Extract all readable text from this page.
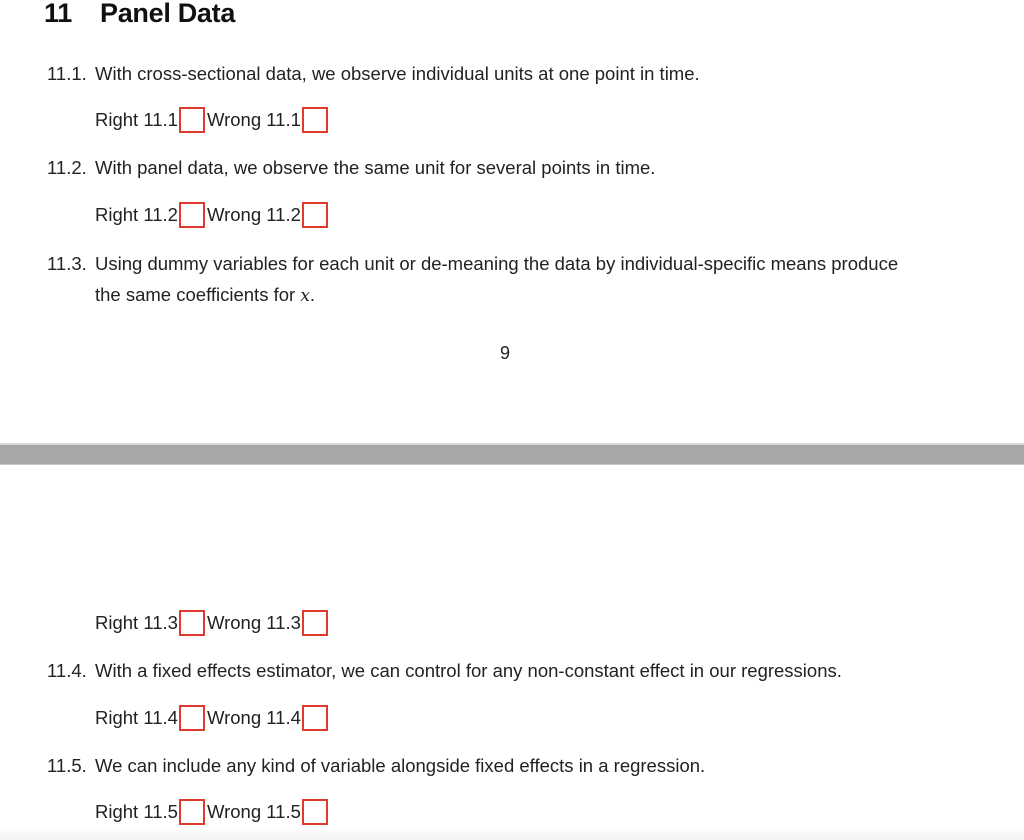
11 Panel Data
11.1. With cross-sectional data, we observe individual units at one point in time.
Right 11.1 Wrong 11.1
11.2. With panel data, we observe the same unit for several points in time.
Right 11.2 Wrong 11.2
11.3. Using dummy variables for each unit or de-meaning the data by individual-specific means produce
the same coefficients for x.
9
Right 11.3 Wrong 11.3
11.4. With a fixed effects estimator, we can control for any non-constant effect in our regressions.
Right 11.4 Wrong 11.4
11.5. We can include any kind of variable alongside fixed effects in a regression.
Right 11.5 Wrong 11.5
